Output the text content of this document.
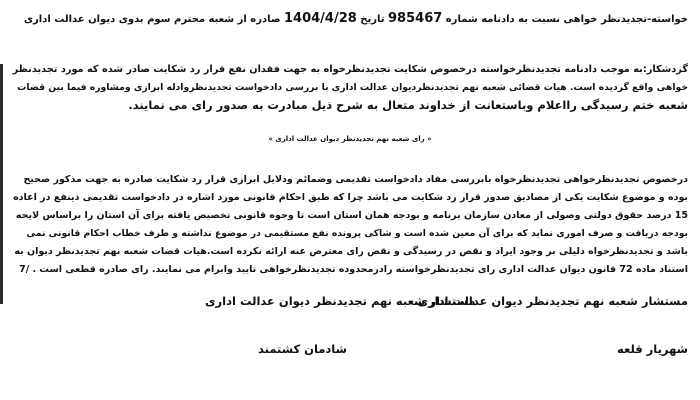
خواسته-تجدیدنظر خواهی نسبت به دادنامه شماره 985467 تاریخ 1404/4/28 صادره از شعبه محترم سوم بدوی دیوان عدالت اداری
گردشکار:به موجب دادنامه تجدیدنظرخواسته درخصوص شکایت تجدیدنظرخواه به جهت فقدان نفع قرار رد شکایت صادر شده که مورد تجدیدنظر
خواهی واقع گردیده است. هیات قضائی شعبه نهم تجدیدنظردیوان عدالت اداری با بررسی دادخواست تجدیدنظروادله ابرازی ومشاوره فیما بین قضات
شعبه ختم رسیدگی رااعلام وباستعانت از خداوند متعال به شرح ذیل مبادرت به صدور رای می نمایند.
« رای شعبه نهم تجدیدنظر دیوان عدالت اداری »
درخصوص تجدیدنظرخواهی تجدیدنظرخواه بابررسی مفاد دادخواست تقدیمی وضمائم ودلایل ابرازی قرار رد شکایت صادره به جهت مذکور صحیح
بوده و موضوع شکایت یکی از مصادیق صدور قرار رد شکایت می باشد چرا که طبق احکام قانونی مورد اشاره در دادخواست تقدیمی ذینفع در اعاده
15 درصد حقوق دولتی وصولی از معادن سازمان برنامه و بودجه همان استان است تا وجوه قانونی تخصیص یافته برای آن استان را براساس لایحه
بودجه دریافت و صرف اموری نماید که برای آن معین شده است و شاکی پرونده نفع مستقیمی در موضوع نداشته و طرف خطاب احکام قانونی نمی
باشد و تجدیدنظرخواه دلیلی بر وجود ایراد و نقص در رسیدگی و نقض رای معترض عنه ارائه نکرده است.هیات قضات شعبه نهم تجدیدنظر دیوان به
استناد ماده 72 قانون دیوان عدالت اداری رای تجدیدنظرخواسته رادرمحدوده تجدیدنظرخواهی تایید وابرام می نمایند. رای صادره قطعی است . /7
مستشار شعبه نهم تجدیدنظر دیوان عدالت اداری
مستشار شعبه نهم تجدیدنظر دیوان عدالت اداری
شهریار قلعه
شادمان کشتمند
